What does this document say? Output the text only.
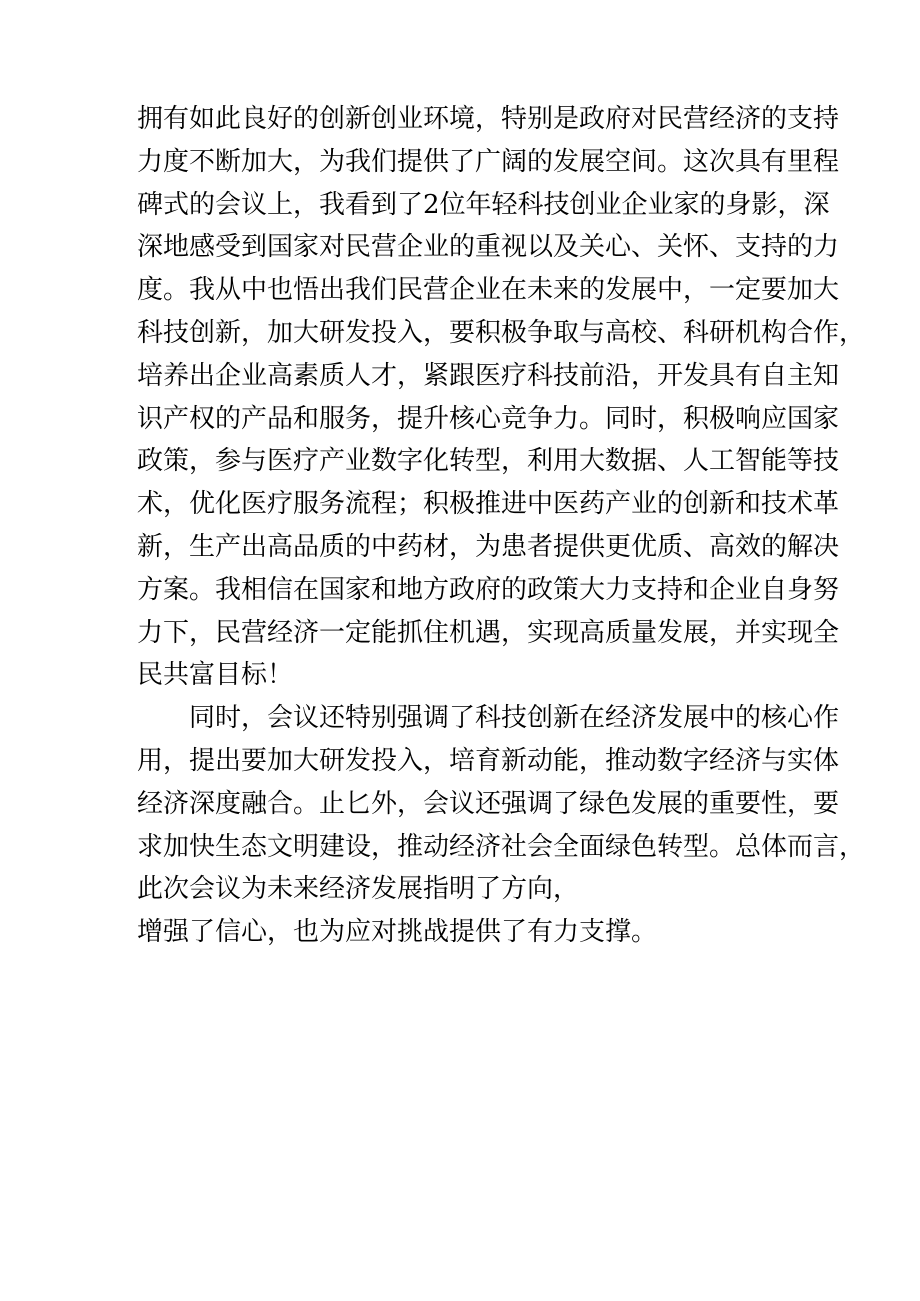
拥有如此良好的创新创业环境，特别是政府对民营经济的支持
力度不断加大，为我们提供了广阔的发展空间。这次具有里程
碑式的会议上，我看到了2位年轻科技创业企业家的身影，深
深地感受到国家对民营企业的重视以及关心、关怀、支持的力
度。我从中也悟出我们民营企业在未来的发展中，一定要加大
科技创新，加大研发投入，要积极争取与高校、科研机构合作，
培养出企业高素质人才，紧跟医疗科技前沿，开发具有自主知
识产权的产品和服务，提升核心竞争力。同时，积极响应国家
政策，参与医疗产业数字化转型，利用大数据、人工智能等技
术，优化医疗服务流程；积极推进中医药产业的创新和技术革
新，生产出高品质的中药材，为患者提供更优质、高效的解决
方案。我相信在国家和地方政府的政策大力支持和企业自身努
力下，民营经济一定能抓住机遇，实现高质量发展，并实现全
民共富目标！
同时，会议还特别强调了科技创新在经济发展中的核心作
用，提出要加大研发投入，培育新动能，推动数字经济与实体
经济深度融合。止匕外，会议还强调了绿色发展的重要性，要
求加快生态文明建设，推动经济社会全面绿色转型。总体而言，
此次会议为未来经济发展指明了方向，
增强了信心，也为应对挑战提供了有力支撑。
